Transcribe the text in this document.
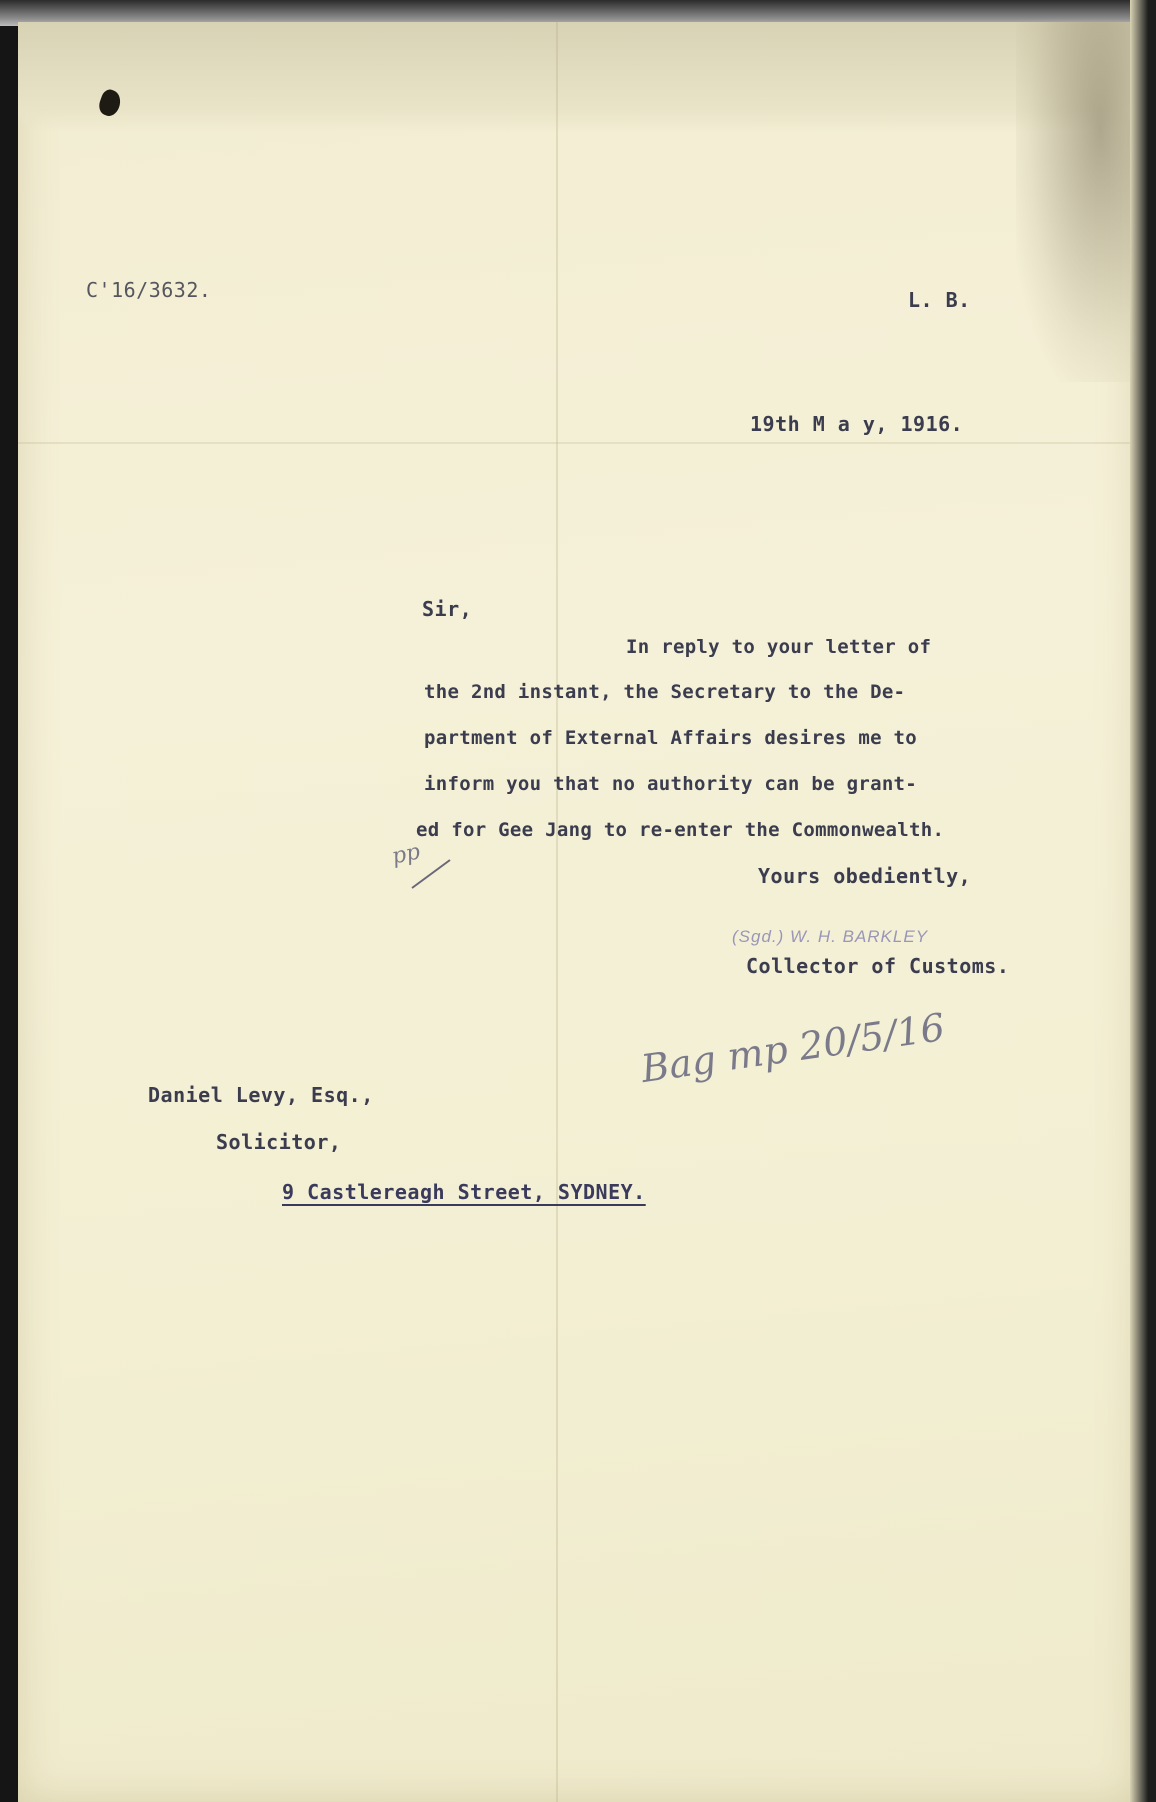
C'16/3632.	L. B.
19th M a y, 1916.
Sir,
In reply to your letter of
the 2nd instant, the Secretary to the De-
partment of External Affairs desires me to
inform you that no authority can be grant-
ed for Gee Jang to re-enter the Commonwealth.
pp
Yours obediently,
(Sgd.) W. H. BARKLEY
Collector of Customs.
Bag mp 20/5/16
Daniel Levy, Esq.,
Solicitor,
9 Castlereagh Street, SYDNEY.
